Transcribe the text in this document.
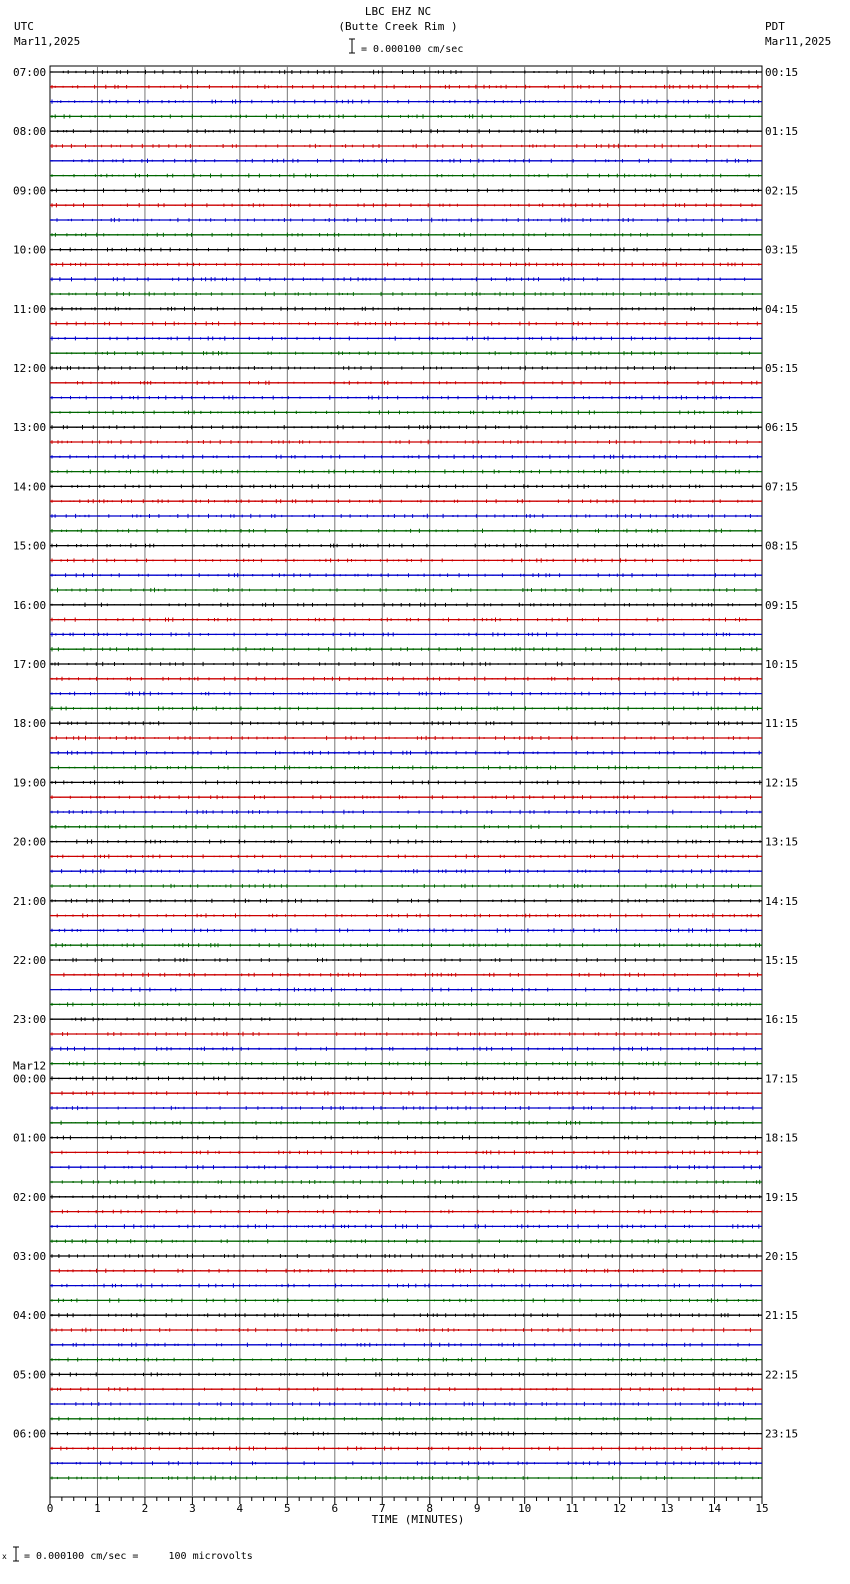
LBC EHZ NC
(Butte Creek Rim )
UTC
Mar11,2025
PDT
Mar11,2025
= 0.000100 cm/sec
07:00	00:15
08:00	01:15
09:00	02:15
10:00	03:15
11:00	04:15
12:00	05:15
13:00	06:15
14:00	07:15
15:00	08:15
16:00	09:15
17:00	10:15
18:00	11:15
19:00	12:15
20:00	13:15
21:00	14:15
22:00	15:15
23:00	16:15
00:00	17:15
01:00	18:15
02:00	19:15
03:00	20:15
04:00	21:15
05:00	22:15
06:00	23:15
Mar12
0	1	2	3	4	5	6	7	8	9	10	11	12	13	14	15
TIME (MINUTES)
x = 0.000100 cm/sec =     100 microvolts
